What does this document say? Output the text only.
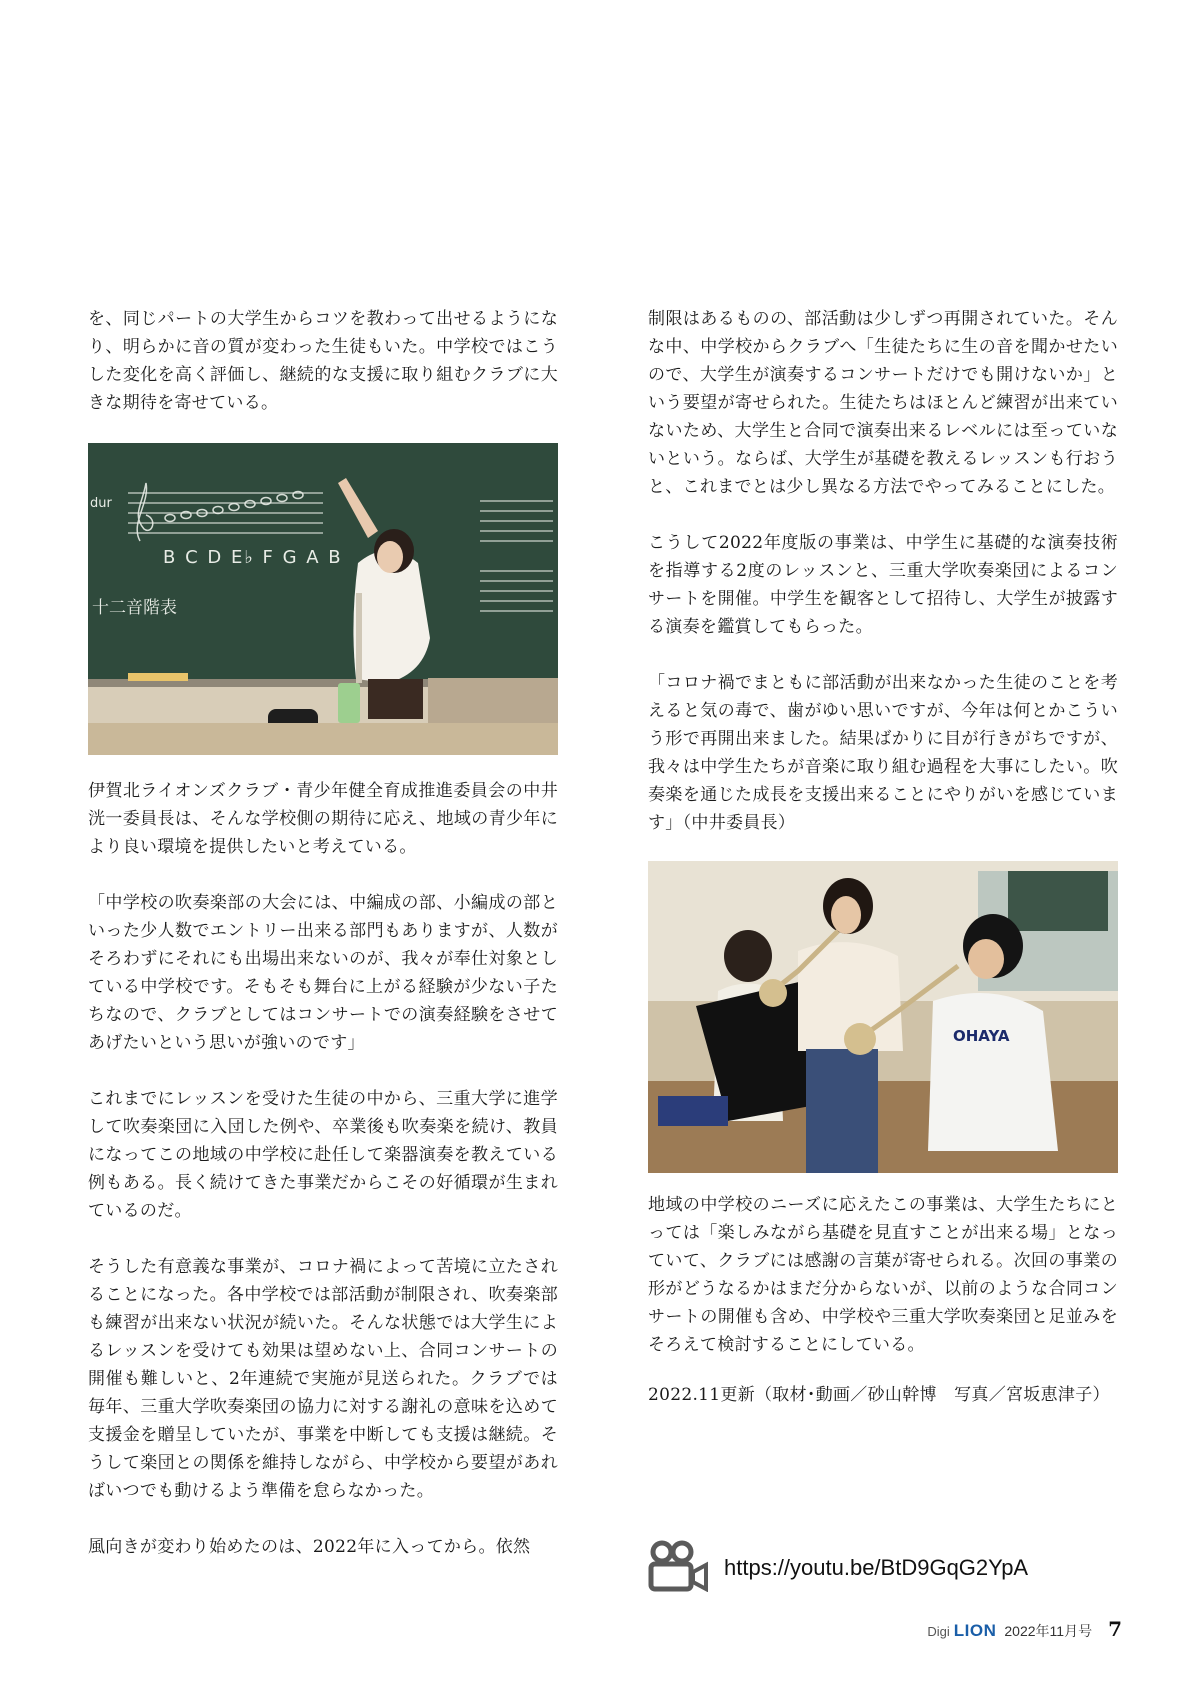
を、同じパートの大学生からコツを教わって出せるようになり、明らかに音の質が変わった生徒もいた。中学校ではこうした変化を高く評価し、継続的な支援に取り組むクラブに大きな期待を寄せている。

dur
B C D E♭ F G A B
十二音階表

伊賀北ライオンズクラブ・青少年健全育成推進委員会の中井洸一委員長は、そんな学校側の期待に応え、地域の青少年により良い環境を提供したいと考えている。

「中学校の吹奏楽部の大会には、中編成の部、小編成の部といった少人数でエントリー出来る部門もありますが、人数がそろわずにそれにも出場出来ないのが、我々が奉仕対象としている中学校です。そもそも舞台に上がる経験が少ない子たちなので、クラブとしてはコンサートでの演奏経験をさせてあげたいという思いが強いのです」

これまでにレッスンを受けた生徒の中から、三重大学に進学して吹奏楽団に入団した例や、卒業後も吹奏楽を続け、教員になってこの地域の中学校に赴任して楽器演奏を教えている例もある。長く続けてきた事業だからこその好循環が生まれているのだ。

そうした有意義な事業が、コロナ禍によって苦境に立たされることになった。各中学校では部活動が制限され、吹奏楽部も練習が出来ない状況が続いた。そんな状態では大学生によるレッスンを受けても効果は望めない上、合同コンサートの開催も難しいと、2年連続で実施が見送られた。クラブでは毎年、三重大学吹奏楽団の協力に対する謝礼の意味を込めて支援金を贈呈していたが、事業を中断しても支援は継続。そうして楽団との関係を維持しながら、中学校から要望があればいつでも動けるよう準備を怠らなかった。

風向きが変わり始めたのは、2022年に入ってから。依然

制限はあるものの、部活動は少しずつ再開されていた。そんな中、中学校からクラブへ「生徒たちに生の音を聞かせたいので、大学生が演奏するコンサートだけでも開けないか」という要望が寄せられた。生徒たちはほとんど練習が出来ていないため、大学生と合同で演奏出来るレベルには至っていないという。ならば、大学生が基礎を教えるレッスンも行おうと、これまでとは少し異なる方法でやってみることにした。

こうして2022年度版の事業は、中学生に基礎的な演奏技術を指導する2度のレッスンと、三重大学吹奏楽団によるコンサートを開催。中学生を観客として招待し、大学生が披露する演奏を鑑賞してもらった。

「コロナ禍でまともに部活動が出来なかった生徒のことを考えると気の毒で、歯がゆい思いですが、今年は何とかこういう形で再開出来ました。結果ばかりに目が行きがちですが、我々は中学生たちが音楽に取り組む過程を大事にしたい。吹奏楽を通じた成長を支援出来ることにやりがいを感じています」（中井委員長）

OHAYA

地域の中学校のニーズに応えたこの事業は、大学生たちにとっては「楽しみながら基礎を見直すことが出来る場」となっていて、クラブには感謝の言葉が寄せられる。次回の事業の形がどうなるかはまだ分からないが、以前のような合同コンサートの開催も含め、中学校や三重大学吹奏楽団と足並みをそろえて検討することにしている。

2022.11更新（取材･動画／砂山幹博　写真／宮坂恵津子）

https://youtu.be/BtD9GqG2YpA
Digi LION 2022年11月号 7
